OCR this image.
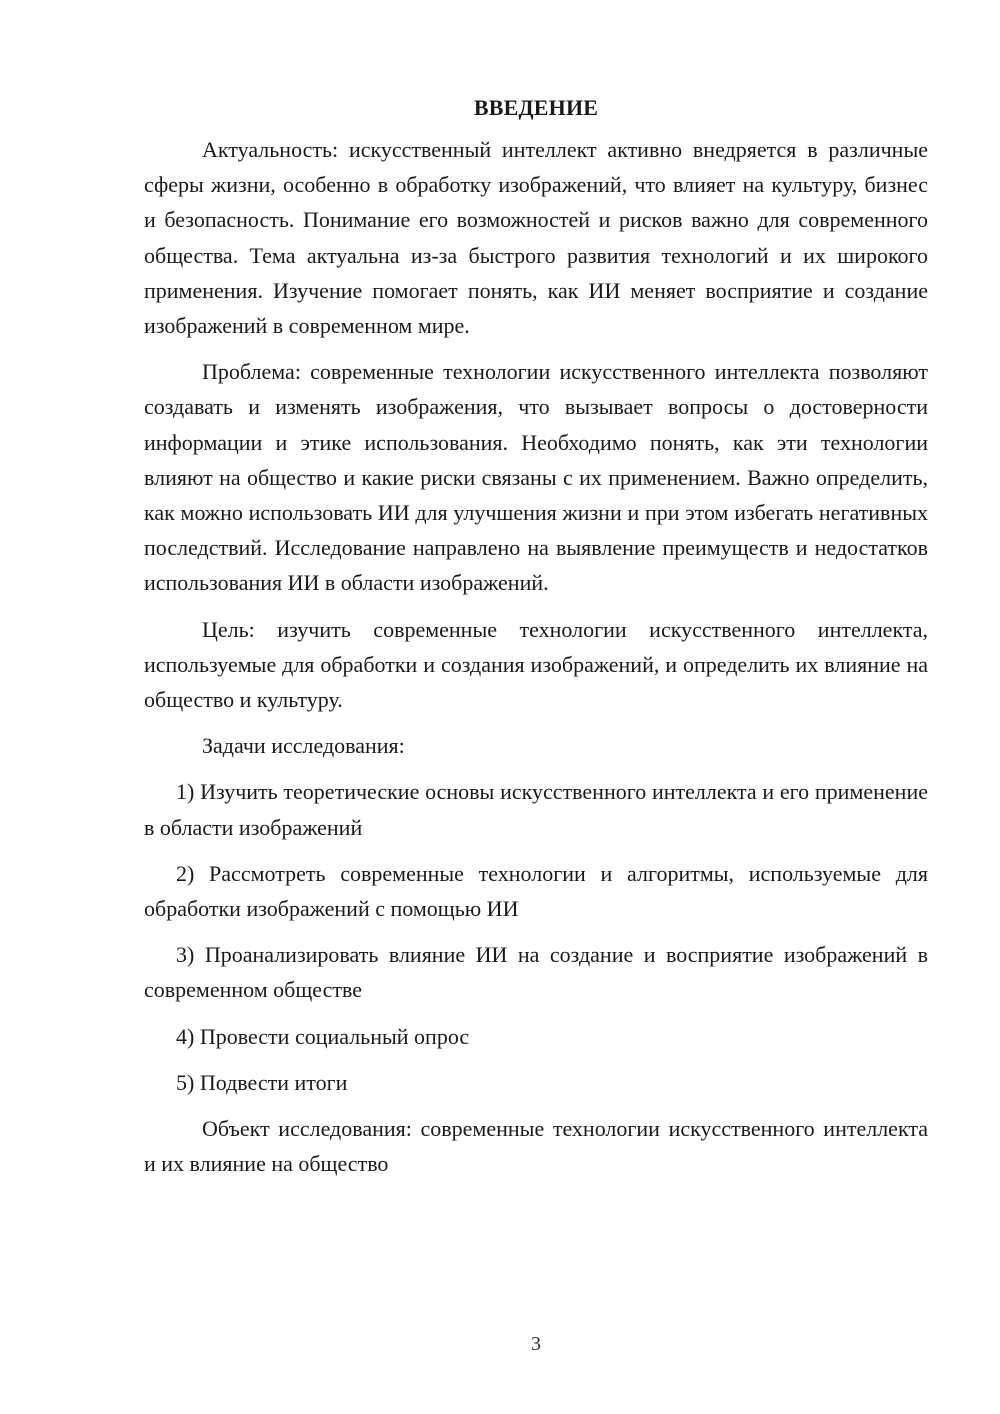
ВВЕДЕНИЕ

Актуальность: искусственный интеллект активно внедряется в различные сферы жизни, особенно в обработку изображений, что влияет на культуру, бизнес и безопасность. Понимание его возможностей и рисков важно для современного общества. Тема актуальна из-за быстрого развития технологий и их широкого применения. Изучение помогает понять, как ИИ меняет восприятие и создание изображений в современном мире.

Проблема: современные технологии искусственного интеллекта позволяют создавать и изменять изображения, что вызывает вопросы о достоверности информации и этике использования. Необходимо понять, как эти технологии влияют на общество и какие риски связаны с их применением. Важно определить, как можно использовать ИИ для улучшения жизни и при этом избегать негативных последствий. Исследование направлено на выявление преимуществ и недостатков использования ИИ в области изображений.

Цель: изучить современные технологии искусственного интеллекта, используемые для обработки и создания изображений, и определить их влияние на общество и культуру.

Задачи исследования:

1) Изучить теоретические основы искусственного интеллекта и его применение в области изображений

2) Рассмотреть современные технологии и алгоритмы, используемые для обработки изображений с помощью ИИ

3) Проанализировать влияние ИИ на создание и восприятие изображений в современном обществе

4) Провести социальный опрос

5) Подвести итоги

Объект исследования: современные технологии искусственного интеллекта и их влияние на общество

3
